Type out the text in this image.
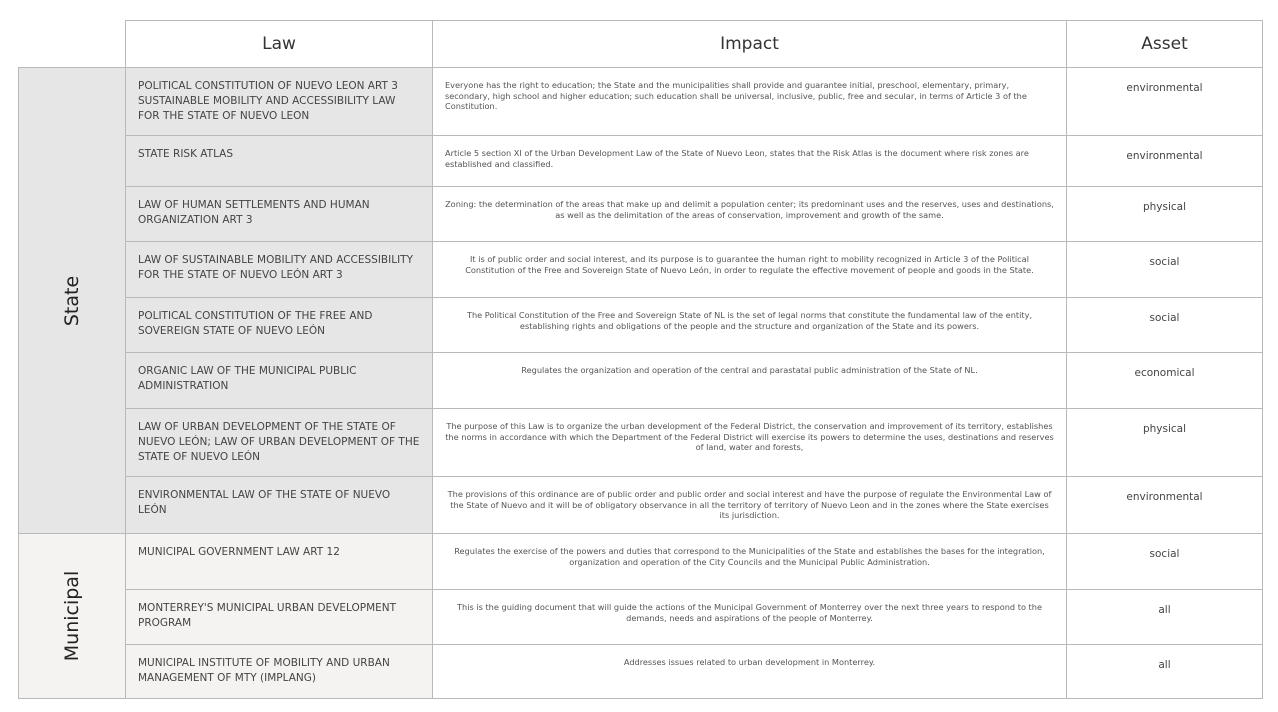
	Law	Impact	Asset

State	POLITICAL CONSTITUTION OF NUEVO LEON ART 3 SUSTAINABLE MOBILITY AND ACCESSIBILITY LAW FOR THE STATE OF NUEVO LEON	Everyone has the right to education; the State and the municipalities shall provide and guarantee initial, preschool, elementary, primary, secondary, high school and higher education; such education shall be universal, inclusive, public, free and secular, in terms of Article 3 of the Constitution.	environmental
	STATE RISK ATLAS	Article 5 section XI of the Urban Development Law of the State of Nuevo Leon, states that the Risk Atlas is the document where risk zones are established and classified.	environmental
	LAW OF HUMAN SETTLEMENTS AND HUMAN ORGANIZATION ART 3	Zoning: the determination of the areas that make up and delimit a population center; its predominant uses and the reserves, uses and destinations, as well as the delimitation of the areas of conservation, improvement and growth of the same.	physical
	LAW OF SUSTAINABLE MOBILITY AND ACCESSIBILITY FOR THE STATE OF NUEVO LEÓN ART 3	It is of public order and social interest, and its purpose is to guarantee the human right to mobility recognized in Article 3 of the Political Constitution of the Free and Sovereign State of Nuevo León, in order to regulate the effective movement of people and goods in the State.	social
	POLITICAL CONSTITUTION OF THE FREE AND SOVEREIGN STATE OF NUEVO LEÓN	The Political Constitution of the Free and Sovereign State of NL is the set of legal norms that constitute the fundamental law of the entity, establishing rights and obligations of the people and the structure and organization of the State and its powers.	social
	ORGANIC LAW OF THE MUNICIPAL PUBLIC ADMINISTRATION	Regulates the organization and operation of the central and parastatal public administration of the State of NL.	economical
	LAW OF URBAN DEVELOPMENT OF THE STATE OF NUEVO LEÓN; LAW OF URBAN DEVELOPMENT OF THE STATE OF NUEVO LEÓN	The purpose of this Law is to organize the urban development of the Federal District, the conservation and improvement of its territory, establishes the norms in accordance with which the Department of the Federal District will exercise its powers to determine the uses, destinations and reserves of land, water and forests,	physical
	ENVIRONMENTAL LAW OF THE STATE OF NUEVO LEÓN	The provisions of this ordinance are of public order and public order and social interest and have the purpose of regulate the Environmental Law of the State of Nuevo and it will be of obligatory observance in all the territory of territory of Nuevo Leon and in the zones where the State exercises its jurisdiction.	environmental

Municipal	MUNICIPAL GOVERNMENT LAW ART 12	Regulates the exercise of the powers and duties that correspond to the Municipalities of the State and establishes the bases for the integration, organization and operation of the City Councils and the Municipal Public Administration.	social
	MONTERREY'S MUNICIPAL URBAN DEVELOPMENT PROGRAM	This is the guiding document that will guide the actions of the Municipal Government of Monterrey over the next three years to respond to the demands, needs and aspirations of the people of Monterrey.	all
	MUNICIPAL INSTITUTE OF MOBILITY AND URBAN MANAGEMENT OF MTY (IMPLANG)	Addresses issues related to urban development in Monterrey.	all
